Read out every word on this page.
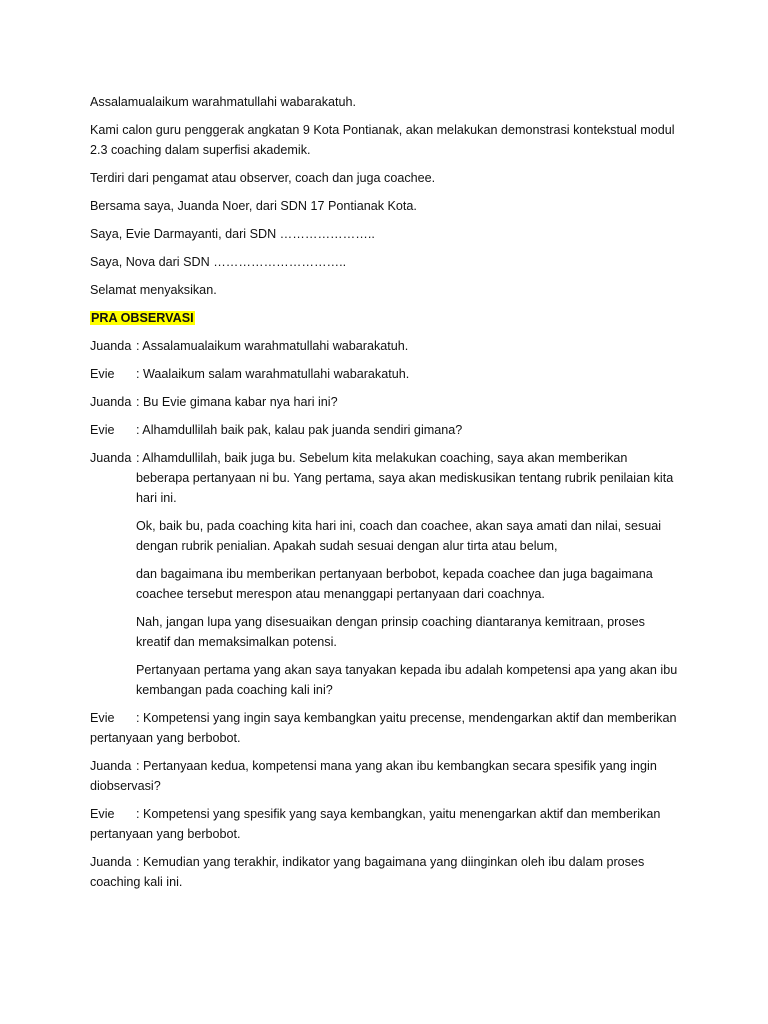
Assalamualaikum warahmatullahi wabarakatuh.

Kami calon guru penggerak angkatan 9 Kota Pontianak, akan melakukan demonstrasi kontekstual modul 2.3 coaching dalam superfisi akademik.

Terdiri dari pengamat atau observer, coach dan juga coachee.

Bersama saya, Juanda Noer, dari SDN 17 Pontianak Kota.

Saya, Evie Darmayanti, dari SDN …………………..

Saya, Nova dari SDN …………………………..

Selamat menyaksikan.

PRA OBSERVASI

Juanda : Assalamualaikum warahmatullahi wabarakatuh.
Evie	: Waalaikum salam warahmatullahi wabarakatuh.
Juanda : Bu Evie gimana kabar nya hari ini?
Evie	: Alhamdullilah baik pak, kalau pak juanda sendiri gimana?
Juanda : Alhamdullilah, baik juga bu. Sebelum kita melakukan coaching, saya akan memberikan beberapa pertanyaan ni bu. Yang pertama, saya akan mediskusikan tentang rubrik penilaian kita hari ini.

Ok, baik bu, pada coaching kita hari ini, coach dan coachee, akan saya amati dan nilai, sesuai dengan rubrik penialian. Apakah sudah sesuai dengan alur tirta atau belum,

dan bagaimana ibu memberikan pertanyaan berbobot, kepada coachee dan juga bagaimana coachee tersebut merespon atau menanggapi pertanyaan dari coachnya.

Nah, jangan lupa yang disesuaikan dengan prinsip coaching diantaranya kemitraan, proses kreatif dan memaksimalkan potensi.

Pertanyaan pertama yang akan saya tanyakan kepada ibu adalah kompetensi apa yang akan ibu kembangan pada coaching kali ini?

Evie : Kompetensi yang ingin saya kembangkan yaitu precense, mendengarkan aktif dan memberikan pertanyaan yang berbobot.

Juanda : Pertanyaan kedua, kompetensi mana yang akan ibu kembangkan secara spesifik yang ingin diobservasi?

Evie : Kompetensi yang spesifik yang saya kembangkan, yaitu menengarkan aktif dan memberikan pertanyaan yang berbobot.

Juanda : Kemudian yang terakhir, indikator yang bagaimana yang diinginkan oleh ibu dalam proses coaching kali ini.
